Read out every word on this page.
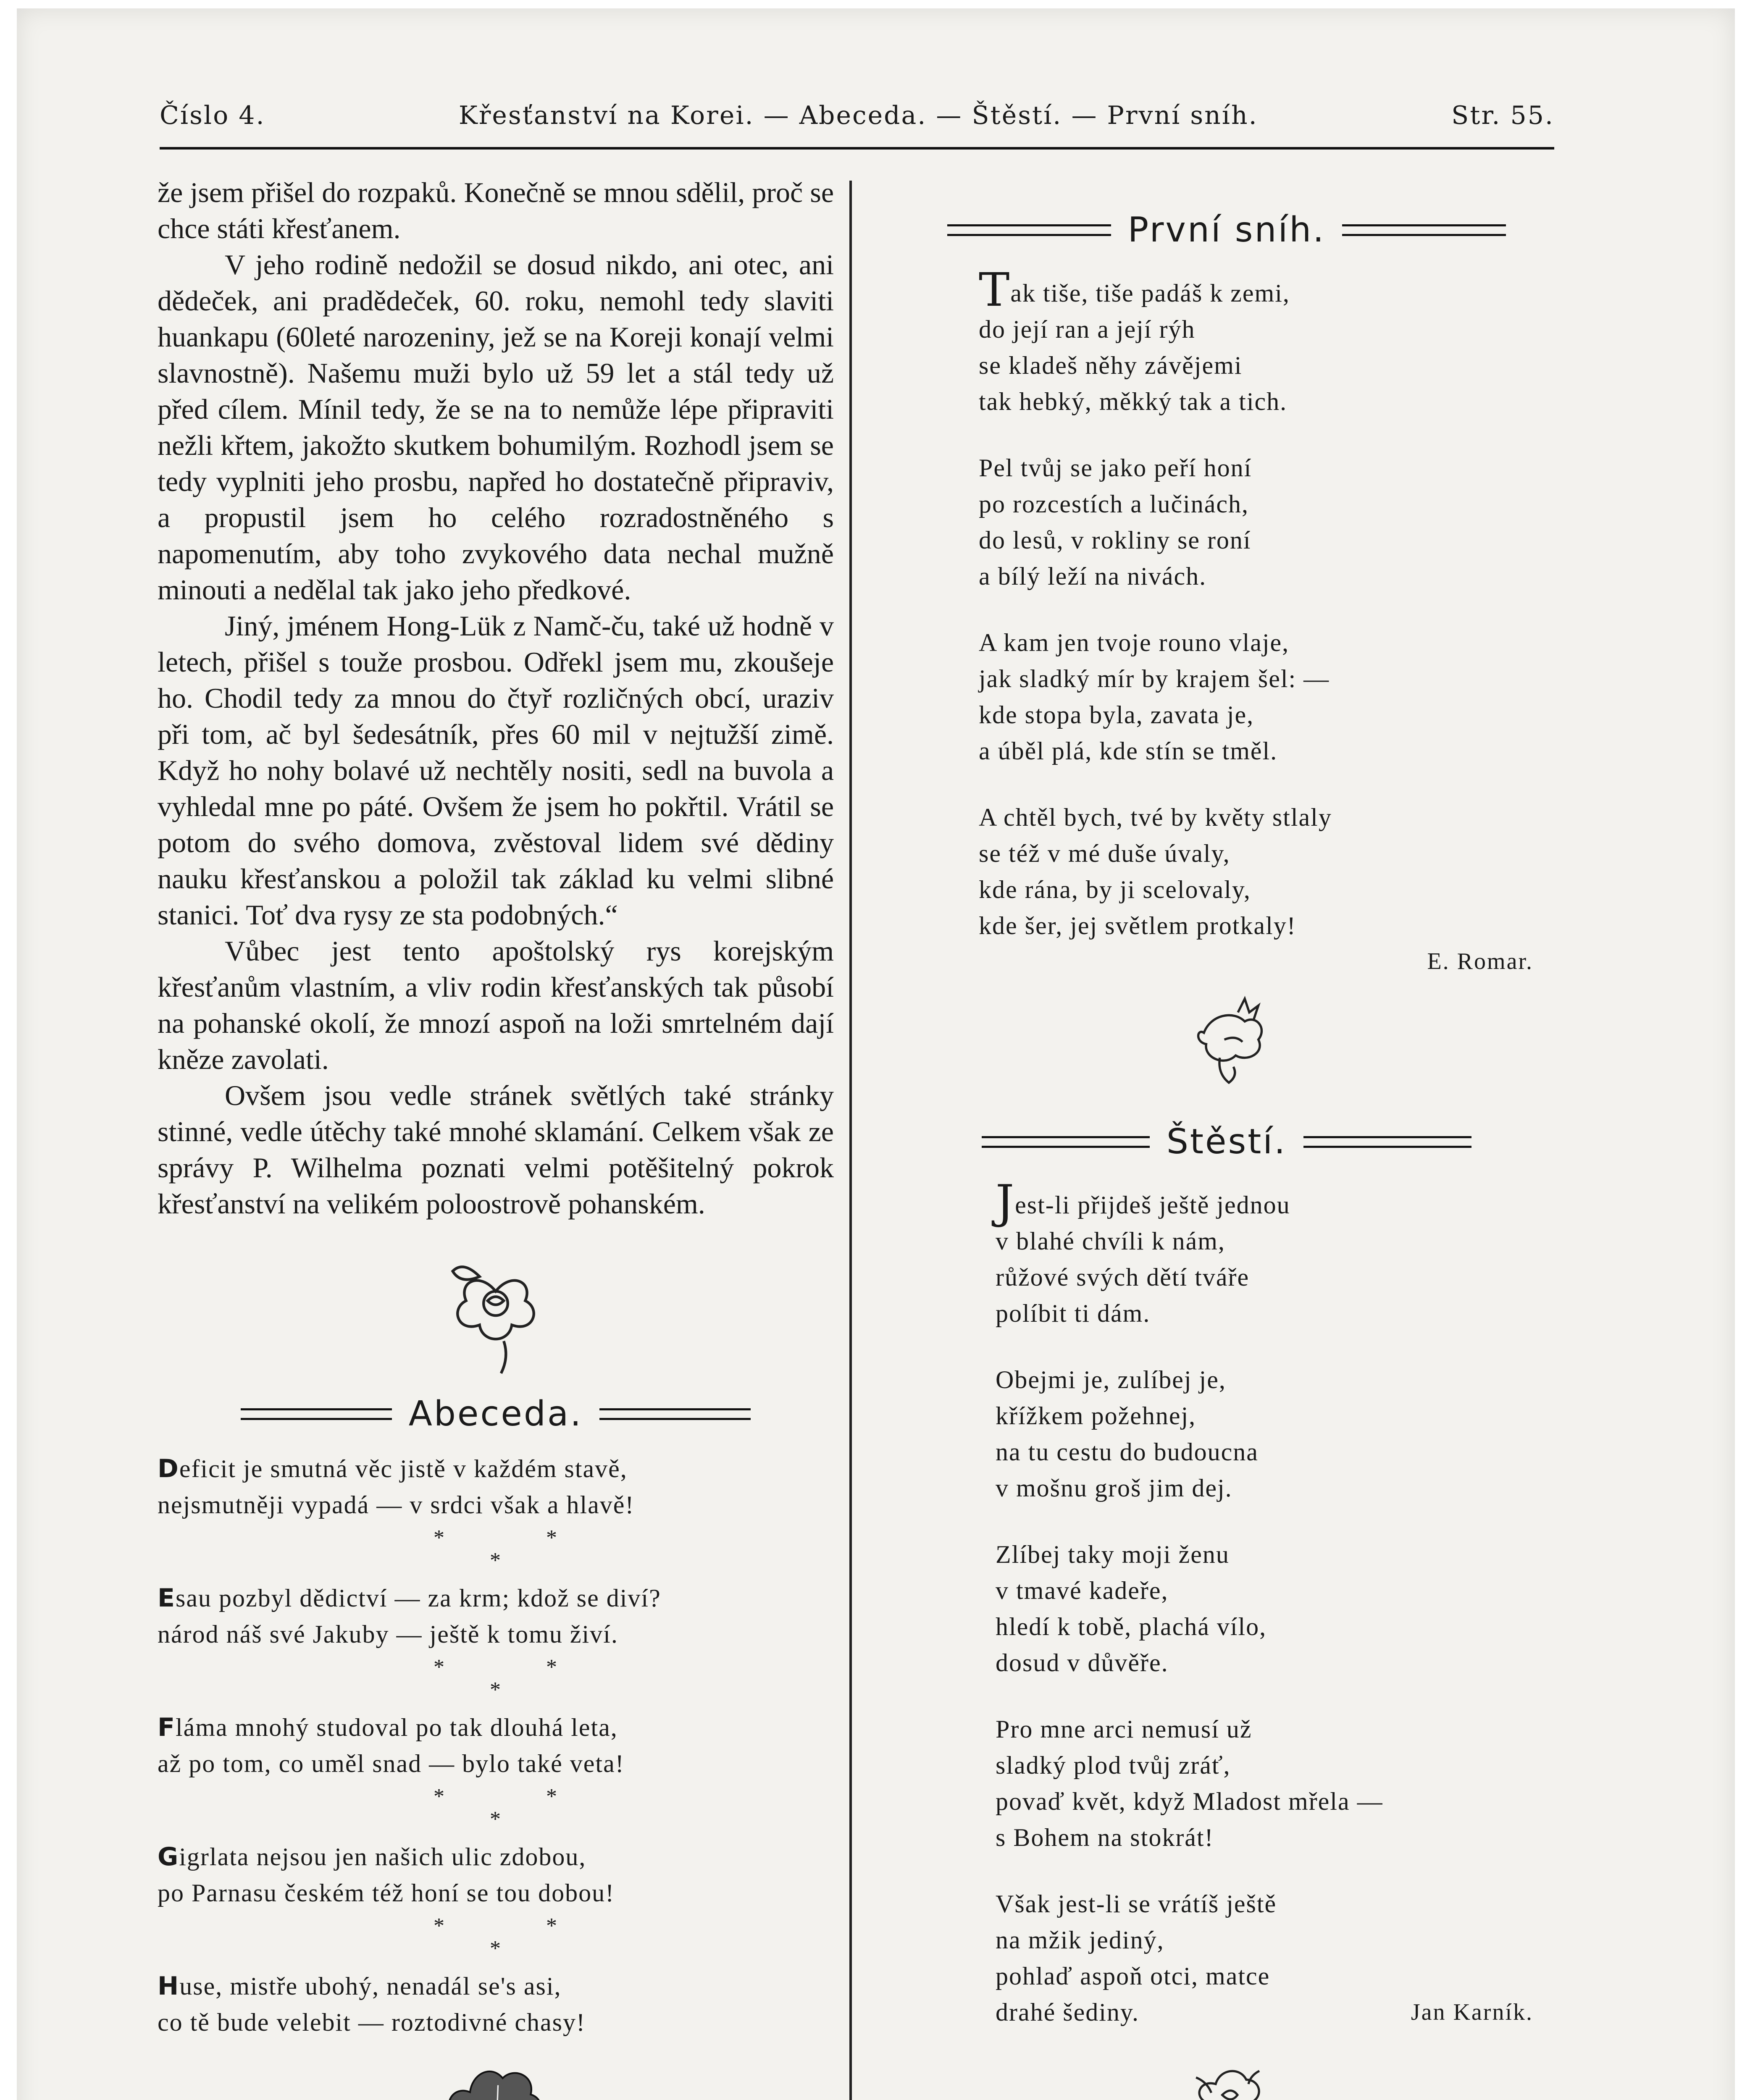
Číslo 4.	Křesťanství na Korei. — Abeceda. — Štěstí. — První sníh.	Str. 55.

že jsem přišel do rozpaků. Konečně se mnou sdělil, proč se chce státi křesťanem.

V jeho rodině nedožil se dosud nikdo, ani otec, ani dědeček, ani pradědeček, 60. roku, nemohl tedy slaviti huankapu (60leté narozeniny, jež se na Koreji konají velmi slavnostně). Našemu muži bylo už 59 let a stál tedy už před cílem. Mínil tedy, že se na to nemůže lépe připraviti nežli křtem, jakožto skutkem bohumilým. Rozhodl jsem se tedy vyplniti jeho prosbu, napřed ho dostatečně připraviv, a propustil jsem ho celého rozradostněného s napomenutím, aby toho zvykového data nechal mužně minouti a nedělal tak jako jeho předkové.

Jiný, jménem Hong-Lük z Namč-ču, také už hodně v letech, přišel s touže prosbou. Odřekl jsem mu, zkoušeje ho. Chodil tedy za mnou do čtyř rozličných obcí, uraziv při tom, ač byl šedesátník, přes 60 mil v nejtužší zimě. Když ho nohy bolavé už nechtěly nositi, sedl na buvola a vyhledal mne po páté. Ovšem že jsem ho pokřtil. Vrátil se potom do svého domova, zvěstoval lidem své dědiny nauku křesťanskou a položil tak základ ku velmi slibné stanici. Toť dva rysy ze sta podobných.“

Vůbec jest tento apoštolský rys korejským křesťanům vlastním, a vliv rodin křesťanských tak působí na pohanské okolí, že mnozí aspoň na loži smrtelném dají kněze zavolati.

Ovšem jsou vedle stránek světlých také stránky stinné, vedle útěchy také mnohé sklamání. Celkem však ze správy P. Wilhelma poznati velmi potěšitelný pokrok křesťanství na velikém poloostrově pohanském.

Abeceda.
Deficit je smutná věc jistě v každém stavě,
nejsmutněji vypadá — v srdci však a hlavě!
*	*
*
Esau pozbyl dědictví — za krm; kdož se diví?
národ náš své Jakuby — ještě k tomu živí.
*	*
*
Fláma mnohý studoval po tak dlouhá leta,
až po tom, co uměl snad — bylo také veta!
*	*
*
Gigrlata nejsou jen našich ulic zdobou,
po Parnasu českém též honí se tou dobou!
*	*
*
Huse, mistře ubohý, nenadál se's asi,
co tě bude velebit — roztodivné chasy!
První sníh.
Tak tiše, tiše padáš k zemi,
do její ran a její rýh
se kladeš něhy závějemi
tak hebký, měkký tak a tich.
Pel tvůj se jako peří honí
po rozcestích a lučinách,
do lesů, v rokliny se roní
a bílý leží na nivách.
A kam jen tvoje rouno vlaje,
jak sladký mír by krajem šel: —
kde stopa byla, zavata je,
a úběl plá, kde stín se tměl.
A chtěl bych, tvé by květy stlaly
se též v mé duše úvaly,
kde rána, by ji scelovaly,
kde šer, jej světlem protkaly!
E. Romar.
Štěstí.
Jest-li přijdeš ještě jednou
v blahé chvíli k nám,
růžové svých dětí tváře
políbit ti dám.
Obejmi je, zulíbej je,
křížkem požehnej,
na tu cestu do budoucna
v mošnu groš jim dej.
Zlíbej taky moji ženu
v tmavé kadeře,
hledí k tobě, plachá vílo,
dosud v důvěře.
Pro mne arci nemusí už
sladký plod tvůj zráť,
povaď květ, když Mladost mřela —
s Bohem na stokrát!
Však jest-li se vrátíš ještě
na mžik jediný,
pohlaď aspoň otci, matce
drahé šediny.	Jan Karník.
